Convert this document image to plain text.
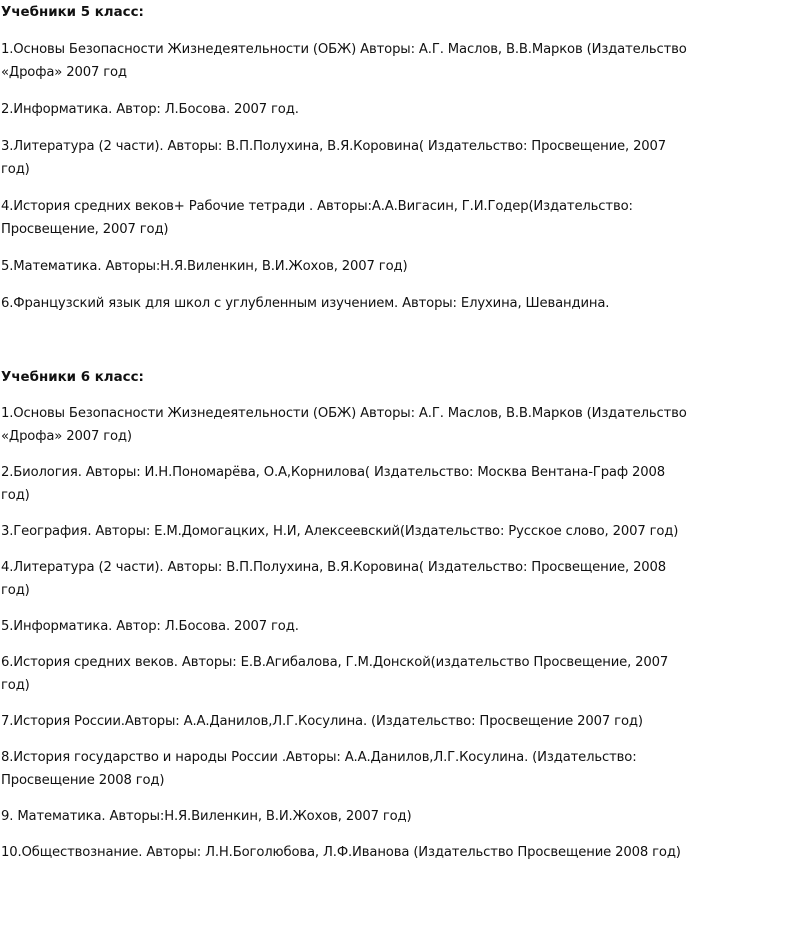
Учебники 5 класс:

1.Основы Безопасности Жизнедеятельности (ОБЖ) Авторы: А.Г. Маслов, В.В.Марков (Издательство «Дрофа» 2007 год

2.Информатика. Автор: Л.Босова. 2007 год.

3.Литература (2 части). Авторы: В.П.Полухина, В.Я.Коровина( Издательство: Просвещение, 2007 год)

4.История средних веков+ Рабочие тетради . Авторы:А.А.Вигасин, Г.И.Годер(Издательство: Просвещение, 2007 год)

5.Математика. Авторы:Н.Я.Виленкин, В.И.Жохов, 2007 год)

6.Французский язык для школ с углубленным изучением. Авторы: Елухина, Шевандина.

Учебники 6 класс:

1.Основы Безопасности Жизнедеятельности (ОБЖ) Авторы: А.Г. Маслов, В.В.Марков (Издательство «Дрофа» 2007 год)

2.Биология. Авторы: И.Н.Пономарёва, О.А,Корнилова( Издательство: Москва Вентана-Граф 2008 год)

3.География. Авторы: Е.М.Домогацких, Н.И, Алексеевский(Издательство: Русское слово, 2007 год)

4.Литература (2 части). Авторы: В.П.Полухина, В.Я.Коровина( Издательство: Просвещение, 2008 год)

5.Информатика. Автор: Л.Босова. 2007 год.

6.История средних веков. Авторы: Е.В.Агибалова, Г.М.Донской(издательство Просвещение, 2007 год)

7.История России.Авторы: А.А.Данилов,Л.Г.Косулина. (Издательство: Просвещение 2007 год)

8.История государство и народы России .Авторы: А.А.Данилов,Л.Г.Косулина. (Издательство: Просвещение 2008 год)

9. Математика. Авторы:Н.Я.Виленкин, В.И.Жохов, 2007 год)

10.Обществознание. Авторы: Л.Н.Боголюбова, Л.Ф.Иванова (Издательство Просвещение 2008 год)
